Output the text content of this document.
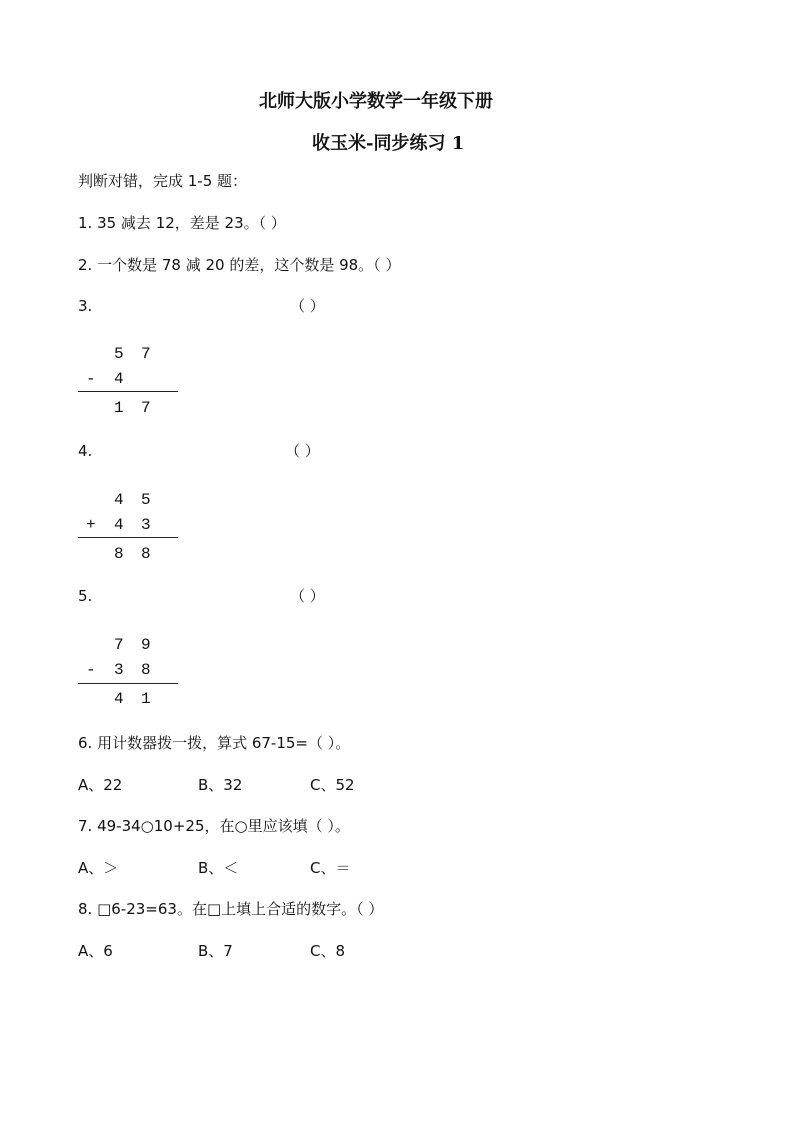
北师大版小学数学一年级下册
收玉米-同步练习 1
判断对错，完成 1-5 题：
1. 35 减去 12，差是 23。（ ）
2. 一个数是 78 减 20 的差，这个数是 98。（ ）
3.	（ ）
5 7
- 4
1 7
4.	（ ）
4 5
+ 4 3
8 8
5.	（ ）
7 9
- 3 8
4 1
6. 用计数器拨一拨，算式 67-15=（ ）。
A、22	B、32	C、52
7. 49-34○10+25，在○里应该填（ ）。
A、＞	B、＜	C、＝
8. □6-23=63。在□上填上合适的数字。（ ）
A、6	B、7	C、8
